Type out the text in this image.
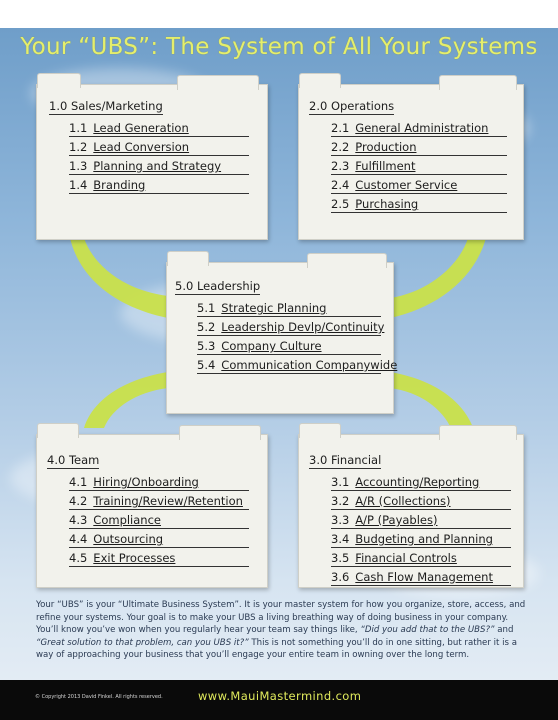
Your “UBS”: The System of All Your Systems
1.0 Sales/Marketing
1.1 Lead Generation
1.2 Lead Conversion
1.3 Planning and Strategy
1.4 Branding
2.0 Operations
2.1 General Administration
2.2 Production
2.3 Fulfillment
2.4 Customer Service
2.5 Purchasing
5.0 Leadership
5.1 Strategic Planning
5.2 Leadership Devlp/Continuity
5.3 Company Culture
5.4 Communication Companywide
4.0 Team
4.1 Hiring/Onboarding
4.2 Training/Review/Retention
4.3 Compliance
4.4 Outsourcing
4.5 Exit Processes
3.0 Financial
3.1 Accounting/Reporting
3.2 A/R (Collections)
3.3 A/P (Payables)
3.4 Budgeting and Planning
3.5 Financial Controls
3.6 Cash Flow Management
Your “UBS” is your “Ultimate Business System”. It is your master system for how you organize, store, access, and refine your systems. Your goal is to make your UBS a living breathing way of doing business in your company. You’ll know you’ve won when you regularly hear your team say things like, “Did you add that to the UBS?” and “Great solution to that problem, can you UBS it?” This is not something you’ll do in one sitting, but rather it is a way of approaching your business that you’ll engage your entire team in owning over the long term.
© Copyright 2013 David Finkel. All rights reserved.	www.MauiMastermind.com
